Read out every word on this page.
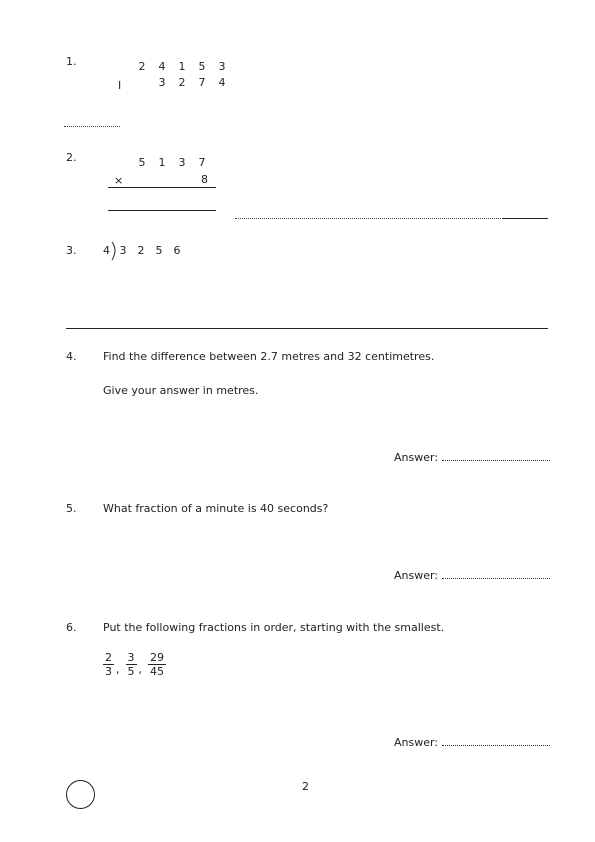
1.	2 4 1 5 3
I	3 2 7 4
2.	5 1 3 7
×	8
3. 4 3 2 5 6
4. Find the difference between 2.7 metres and 32 centimetres.
Give your answer in metres.
Answer:
5. What fraction of a minute is 40 seconds?
Answer:
6. Put the following fractions in order, starting with the smallest.
$\frac{2}{3}$ , $\frac{3}{5}$ , $\frac{29}{45}$
Answer:
2
